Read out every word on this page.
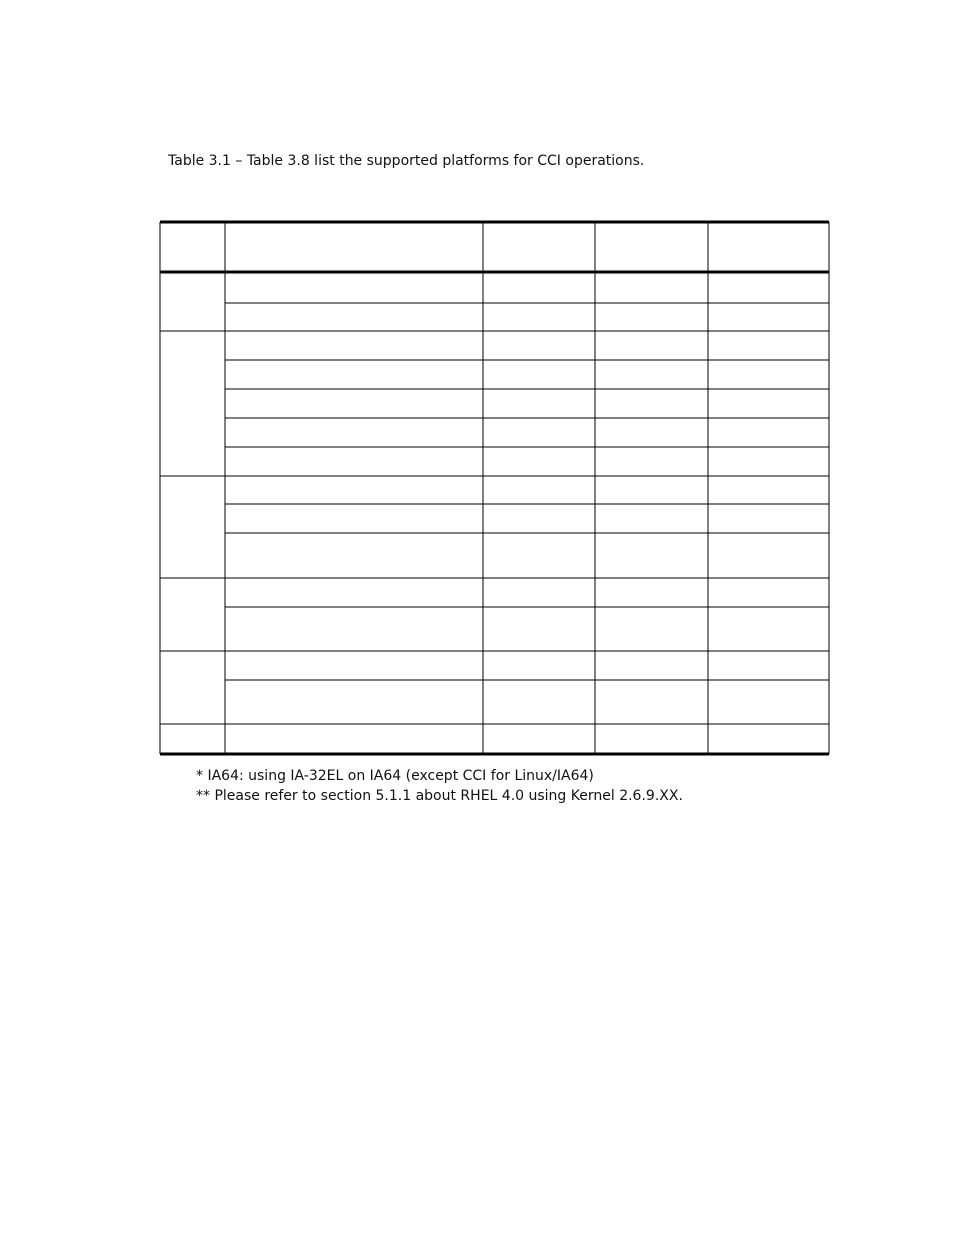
Table 3.1 – Table 3.8 list the supported platforms for CCI operations.
* IA64: using IA-32EL on IA64 (except CCI for Linux/IA64)
** Please refer to section 5.1.1 about RHEL 4.0 using Kernel 2.6.9.XX.
